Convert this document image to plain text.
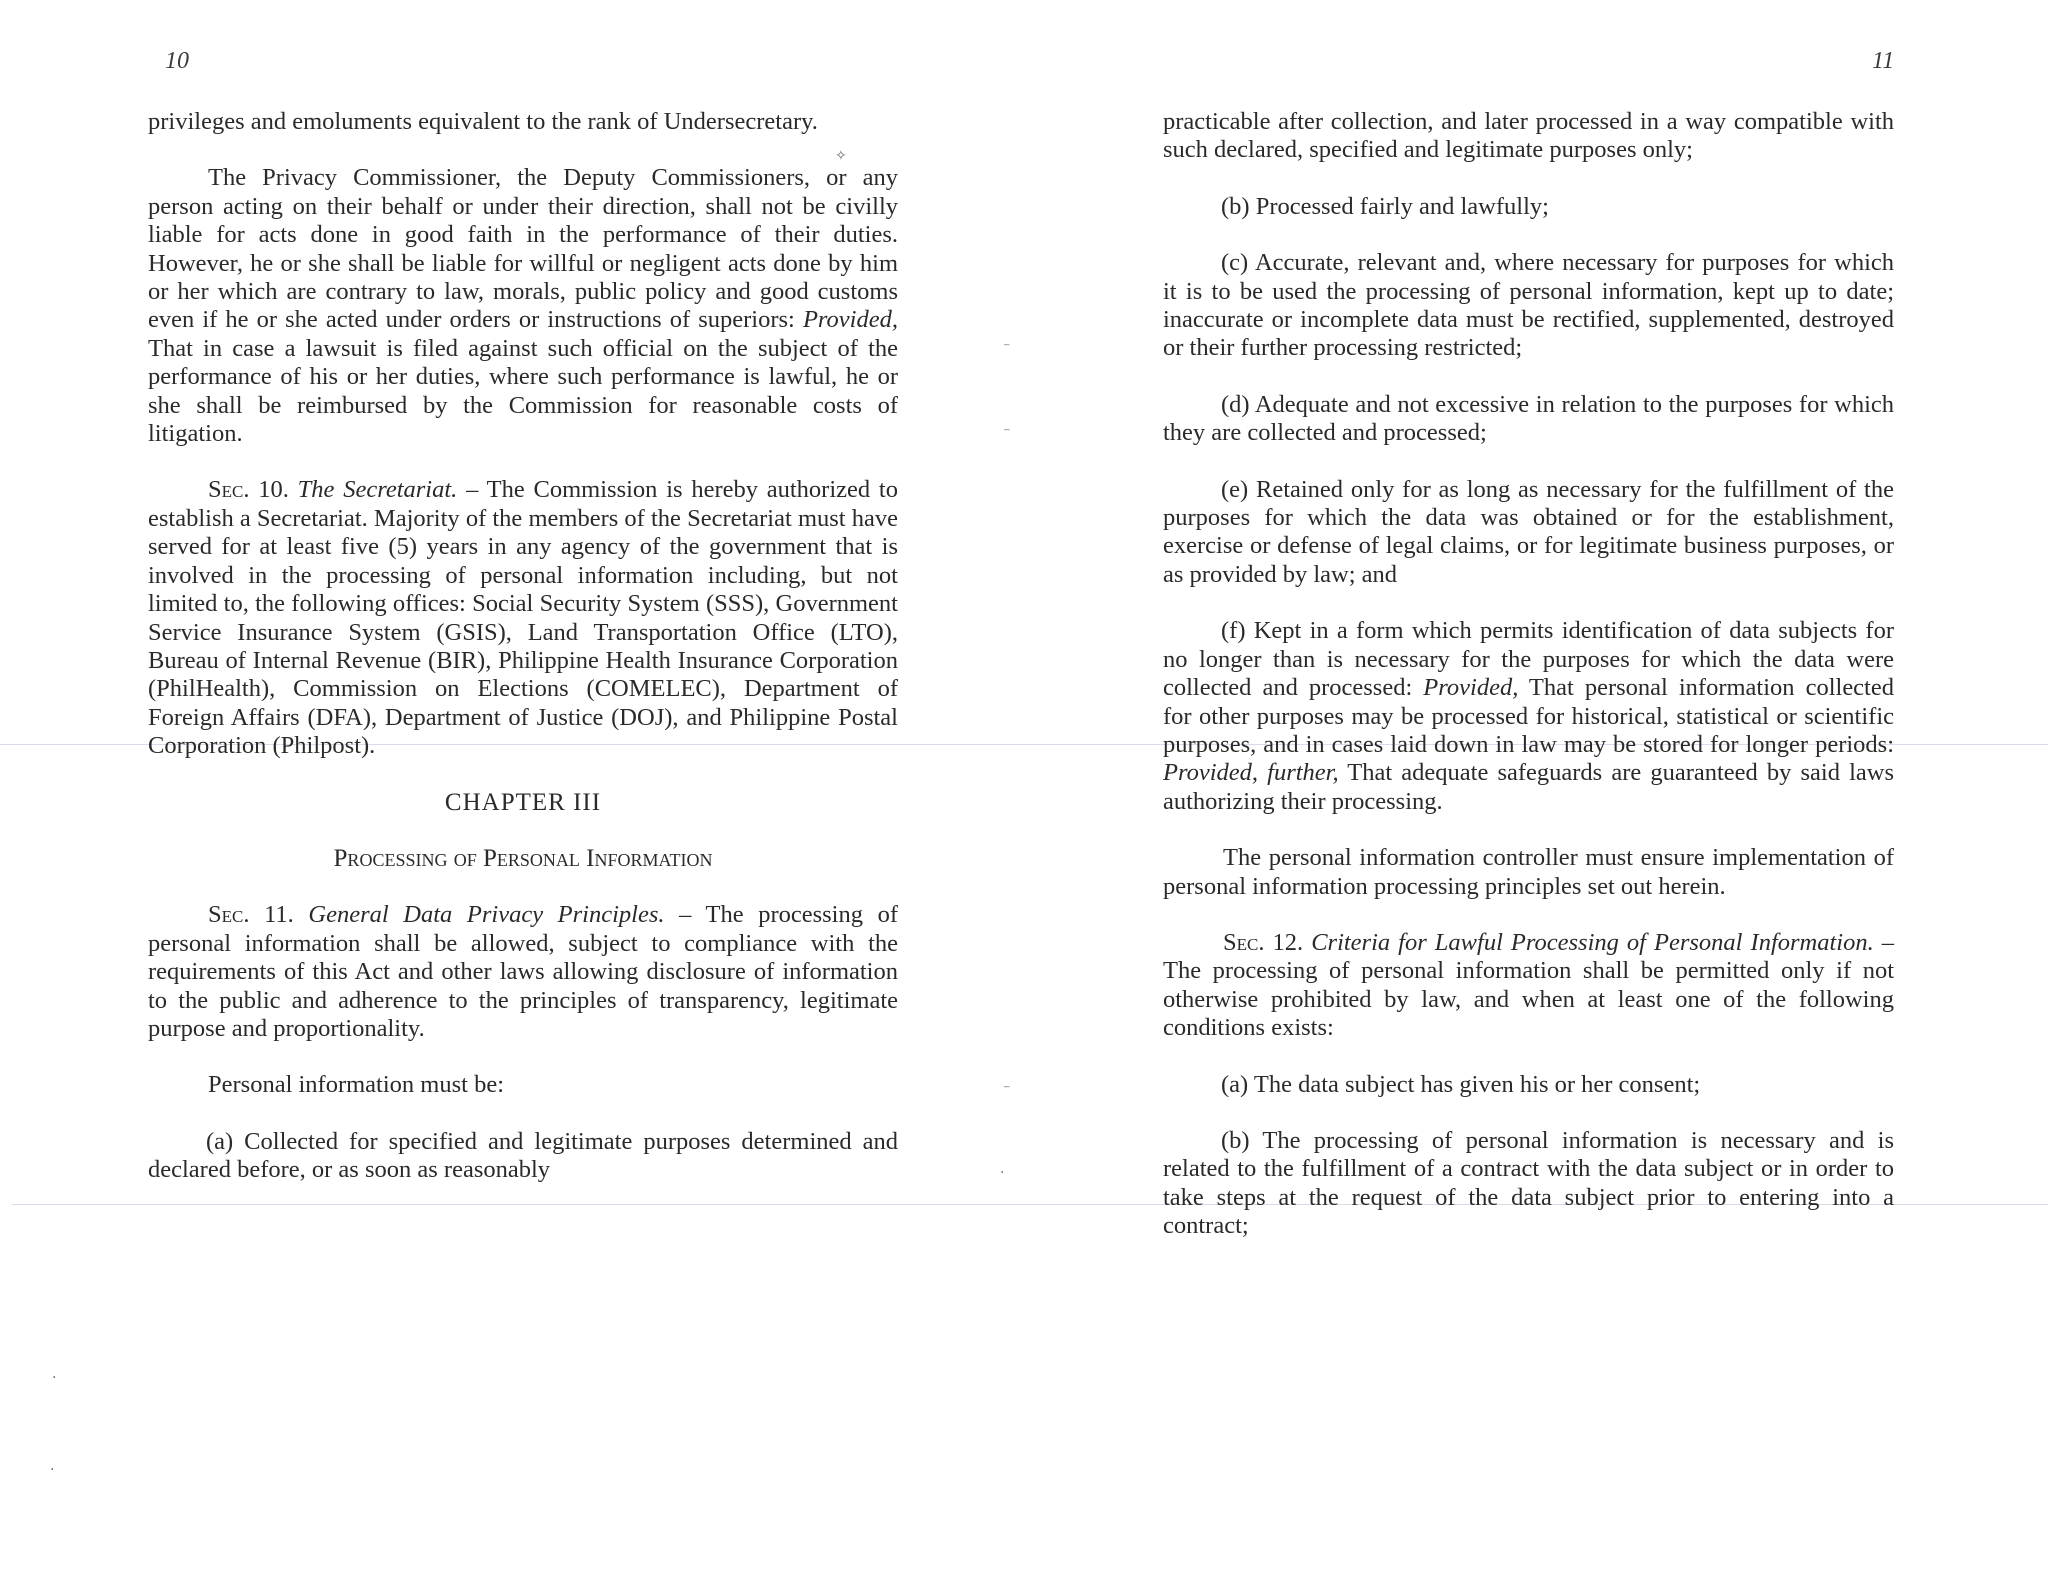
✧
⁻
⁻
⁻
·
·
·
10	11

privileges and emoluments equivalent to the rank of Undersecretary.

The Privacy Commissioner, the Deputy Commissioners, or any person acting on their behalf or under their direction, shall not be civilly liable for acts done in good faith in the performance of their duties. However, he or she shall be liable for willful or negligent acts done by him or her which are contrary to law, morals, public policy and good customs even if he or she acted under orders or instructions of superiors: Provided, That in case a lawsuit is filed against such official on the subject of the performance of his or her duties, where such performance is lawful, he or she shall be reimbursed by the Commission for reasonable costs of litigation.

Sec. 10. The Secretariat. – The Commission is hereby authorized to establish a Secretariat. Majority of the members of the Secretariat must have served for at least five (5) years in any agency of the government that is involved in the processing of personal information including, but not limited to, the following offices: Social Security System (SSS), Government Service Insurance System (GSIS), Land Transportation Office (LTO), Bureau of Internal Revenue (BIR), Philippine Health Insurance Corporation (PhilHealth), Commission on Elections (COMELEC), Department of Foreign Affairs (DFA), Department of Justice (DOJ), and Philippine Postal Corporation (Philpost).

CHAPTER III

Processing of Personal Information

Sec. 11. General Data Privacy Principles. – The processing of personal information shall be allowed, subject to compliance with the requirements of this Act and other laws allowing disclosure of information to the public and adherence to the principles of transparency, legitimate purpose and proportionality.

Personal information must be:

(a) Collected for specified and legitimate purposes determined and declared before, or as soon as reasonably

practicable after collection, and later processed in a way compatible with such declared, specified and legitimate purposes only;

(b) Processed fairly and lawfully;

(c) Accurate, relevant and, where necessary for purposes for which it is to be used the processing of personal information, kept up to date; inaccurate or incomplete data must be rectified, supplemented, destroyed or their further processing restricted;

(d) Adequate and not excessive in relation to the purposes for which they are collected and processed;

(e) Retained only for as long as necessary for the fulfillment of the purposes for which the data was obtained or for the establishment, exercise or defense of legal claims, or for legitimate business purposes, or as provided by law; and

(f) Kept in a form which permits identification of data subjects for no longer than is necessary for the purposes for which the data were collected and processed: Provided, That personal information collected for other purposes may be processed for historical, statistical or scientific purposes, and in cases laid down in law may be stored for longer periods: Provided, further, That adequate safeguards are guaranteed by said laws authorizing their processing.

The personal information controller must ensure implementation of personal information processing principles set out herein.

Sec. 12. Criteria for Lawful Processing of Personal Information. – The processing of personal information shall be permitted only if not otherwise prohibited by law, and when at least one of the following conditions exists:

(a) The data subject has given his or her consent;

(b) The processing of personal information is necessary and is related to the fulfillment of a contract with the data subject or in order to take steps at the request of the data subject prior to entering into a contract;
